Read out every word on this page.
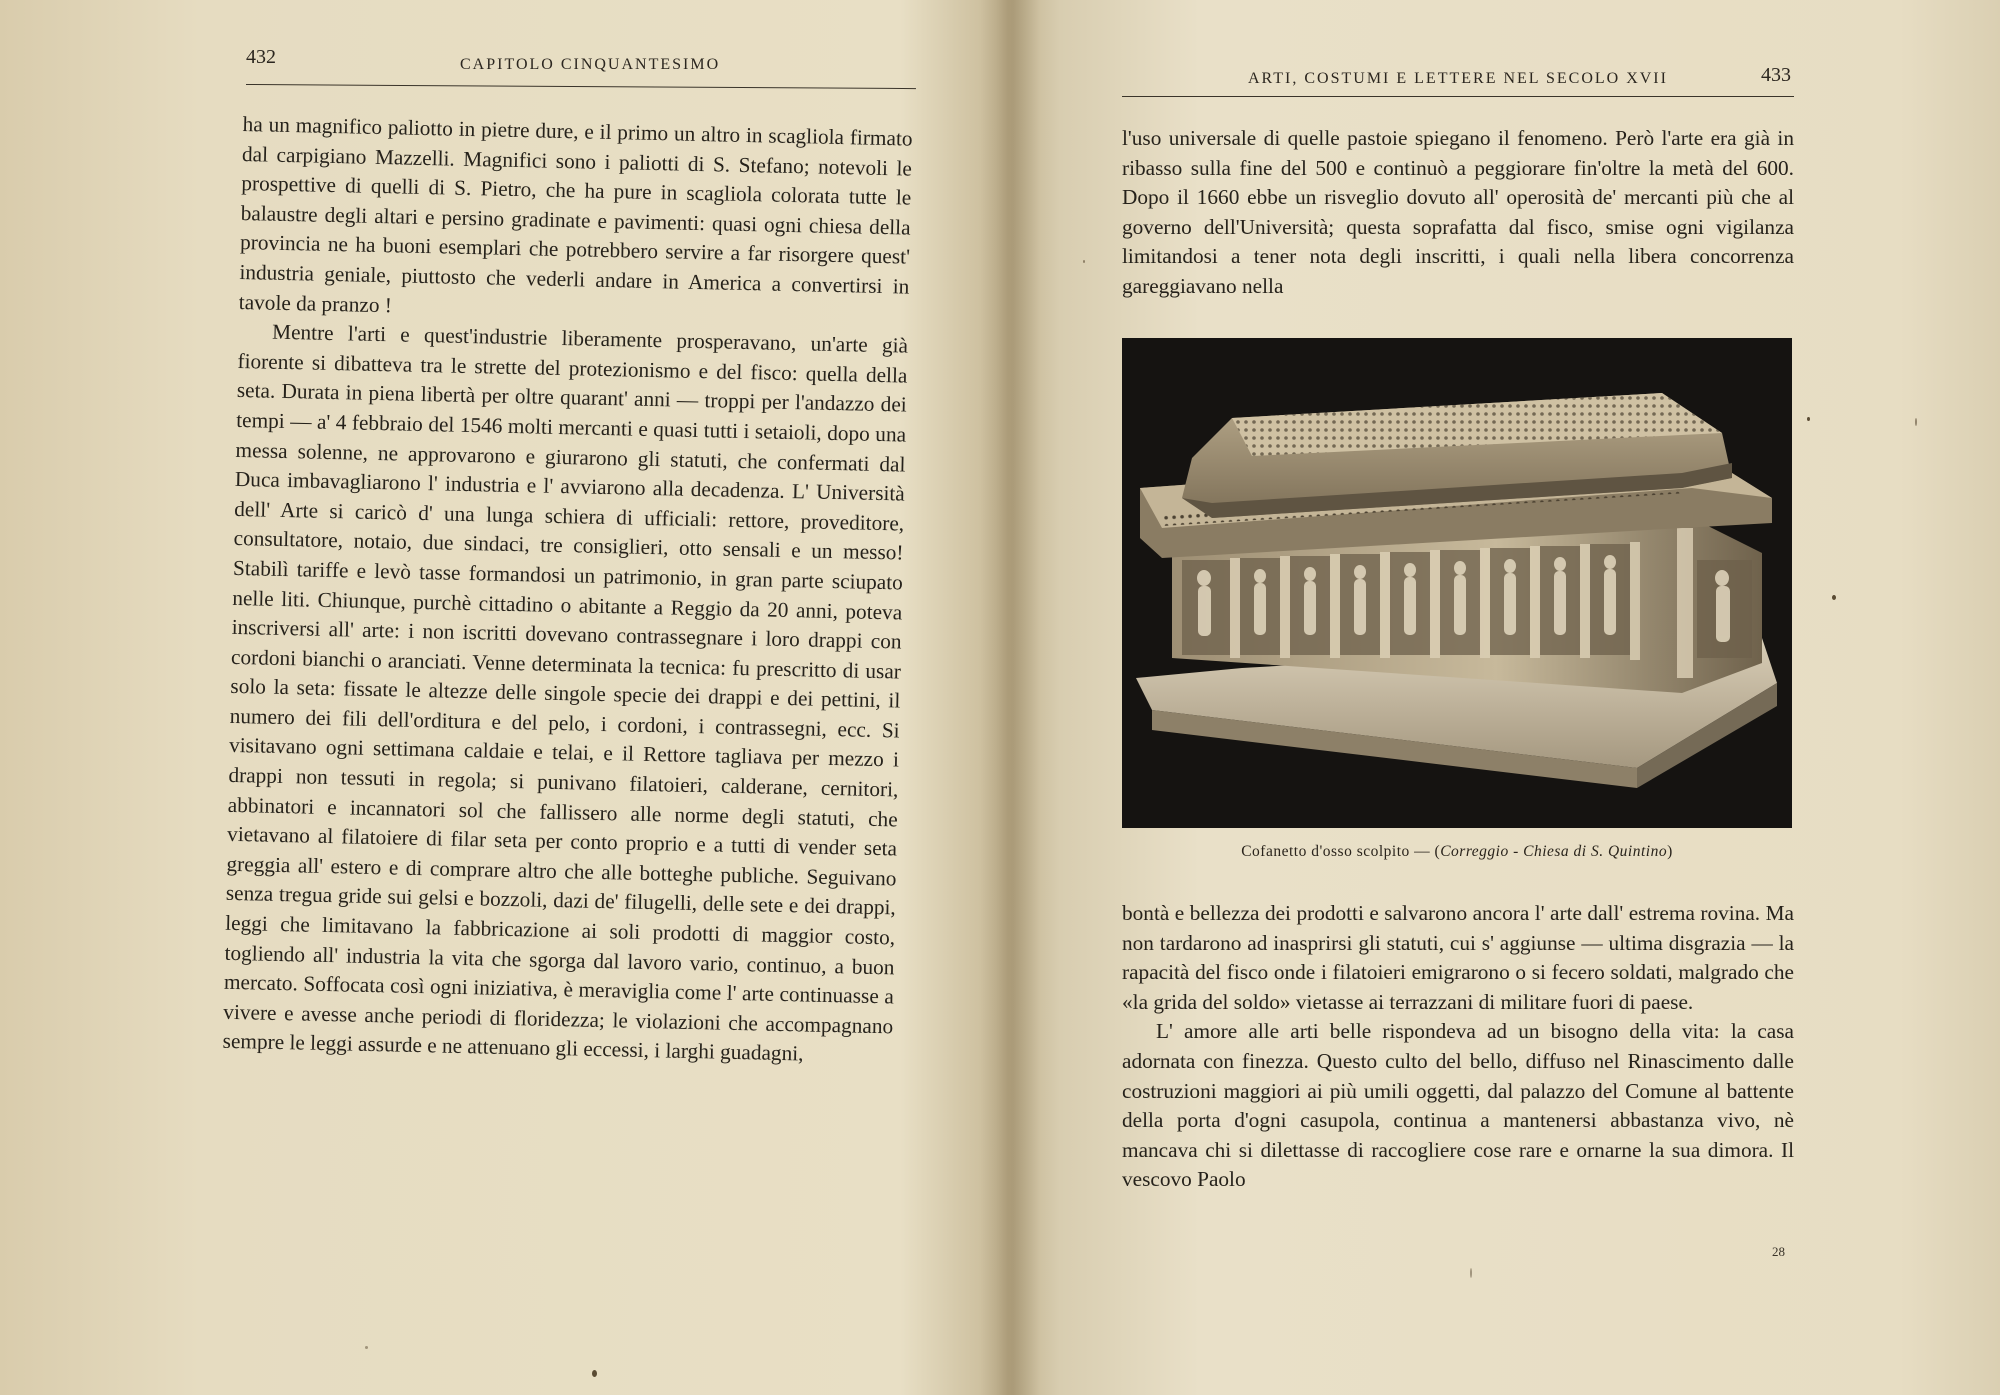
432	CAPITOLO CINQUANTESIMO

ha un magnifico paliotto in pietre dure, e il primo un altro in scagliola firmato dal carpigiano Mazzelli. Magnifici sono i paliotti di S. Stefano; notevoli le prospettive di quelli di S. Pietro, che ha pure in scagliola colorata tutte le balaustre degli altari e persino gradinate e pavimenti: quasi ogni chiesa della provincia ne ha buoni esemplari che potrebbero servire a far risorgere quest' industria geniale, piuttosto che vederli andare in America a convertirsi in tavole da pranzo !

Mentre l'arti e quest'industrie liberamente prosperavano, un'arte già fiorente si dibatteva tra le strette del protezionismo e del fisco: quella della seta. Durata in piena libertà per oltre quarant' anni — troppi per l'andazzo dei tempi — a' 4 febbraio del 1546 molti mercanti e quasi tutti i setaioli, dopo una messa solenne, ne approvarono e giurarono gli statuti, che confermati dal Duca imbavagliarono l' industria e l' avviarono alla decadenza. L' Università dell' Arte si caricò d' una lunga schiera di ufficiali: rettore, proveditore, consultatore, notaio, due sindaci, tre consiglieri, otto sensali e un messo! Stabilì tariffe e levò tasse formandosi un patrimonio, in gran parte sciupato nelle liti. Chiunque, purchè cittadino o abitante a Reggio da 20 anni, poteva inscriversi all' arte: i non iscritti dovevano contrassegnare i loro drappi con cordoni bianchi o aranciati. Venne determinata la tecnica: fu prescritto di usar solo la seta: fissate le altezze delle singole specie dei drappi e dei pettini, il numero dei fili dell'orditura e del pelo, i cordoni, i contrassegni, ecc. Si visitavano ogni settimana caldaie e telai, e il Rettore tagliava per mezzo i drappi non tessuti in regola; si punivano filatoieri, calderane, cernitori, abbinatori e incannatori sol che fallissero alle norme degli statuti, che vietavano al filatoiere di filar seta per conto proprio e a tutti di vender seta greggia all' estero e di comprare altro che alle botteghe publiche. Seguivano senza tregua gride sui gelsi e bozzoli, dazi de' filugelli, delle sete e dei drappi, leggi che limitavano la fabbricazione ai soli prodotti di maggior costo, togliendo all' industria la vita che sgorga dal lavoro vario, continuo, a buon mercato. Soffocata così ogni iniziativa, è meraviglia come l' arte continuasse a vivere e avesse anche periodi di floridezza; le violazioni che accompagnano sempre le leggi assurde e ne attenuano gli eccessi, i larghi guadagni,

ARTI, COSTUMI E LETTERE NEL SECOLO XVII	433

l'uso universale di quelle pastoie spiegano il fenomeno. Però l'arte era già in ribasso sulla fine del 500 e continuò a peggiorare fin'oltre la metà del 600. Dopo il 1660 ebbe un risveglio dovuto all' operosità de' mercanti più che al governo dell'Università; questa soprafatta dal fisco, smise ogni vigilanza limitandosi a tener nota degli inscritti, i quali nella libera concorrenza gareggiavano nella

Cofanetto d'osso scolpito — (Correggio - Chiesa di S. Quintino)

bontà e bellezza dei prodotti e salvarono ancora l' arte dall' estrema rovina. Ma non tardarono ad inasprirsi gli statuti, cui s' aggiunse — ultima disgrazia — la rapacità del fisco onde i filatoieri emigrarono o si fecero soldati, malgrado che «la grida del soldo» vietasse ai terrazzani di militare fuori di paese.

L' amore alle arti belle rispondeva ad un bisogno della vita: la casa adornata con finezza. Questo culto del bello, diffuso nel Rinascimento dalle costruzioni maggiori ai più umili oggetti, dal palazzo del Comune al battente della porta d'ogni casupola, continua a mantenersi abbastanza vivo, nè mancava chi si dilettasse di raccogliere cose rare e ornarne la sua dimora. Il vescovo Paolo

28
